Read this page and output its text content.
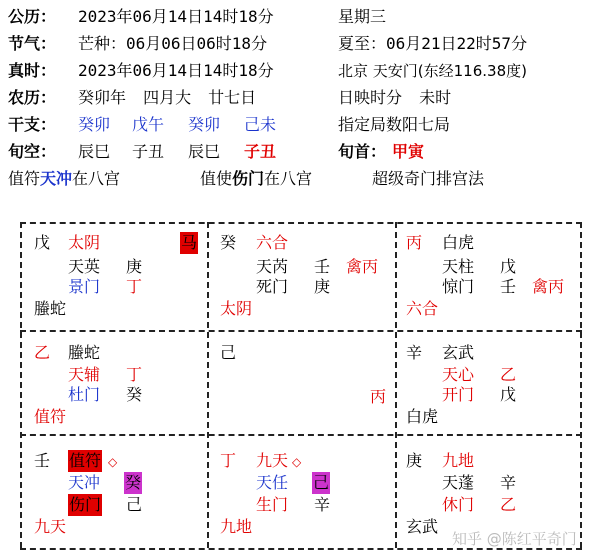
公历： 2023年06月14日14时18分	星期三
节气： 芒种：06月06日06时18分	夏至：06月21日22时57分
真时： 2023年06月14日14时18分	北京 天安门(东经116.38度)
农历： 癸卯年 四月大 廿七日	日映时分 未时
干支： 癸卯 戊午 癸卯 己未	指定局数阳七局
旬空： 辰巳 子丑 辰巳 子丑	旬首： 甲寅
值符天冲在八宫	值使伤门在八宫	超级奇门排宫法
戊 太阴	马
天英 庚
景门 丁
螣蛇
癸 六合
天芮 壬 禽丙
死门 庚
太阴
丙 白虎
天柱 戊
惊门 壬 禽丙
六合
乙 螣蛇
天辅 丁
杜门 癸
值符
己
丙
辛 玄武
天心 乙
开门 戊
白虎
壬 值符 ◇
天冲 癸
伤门 己
九天
丁 九天 ◇
天任 己
生门 辛
九地
庚 九地
天蓬 辛
休门 乙
玄武
知乎 @陈红平奇门
